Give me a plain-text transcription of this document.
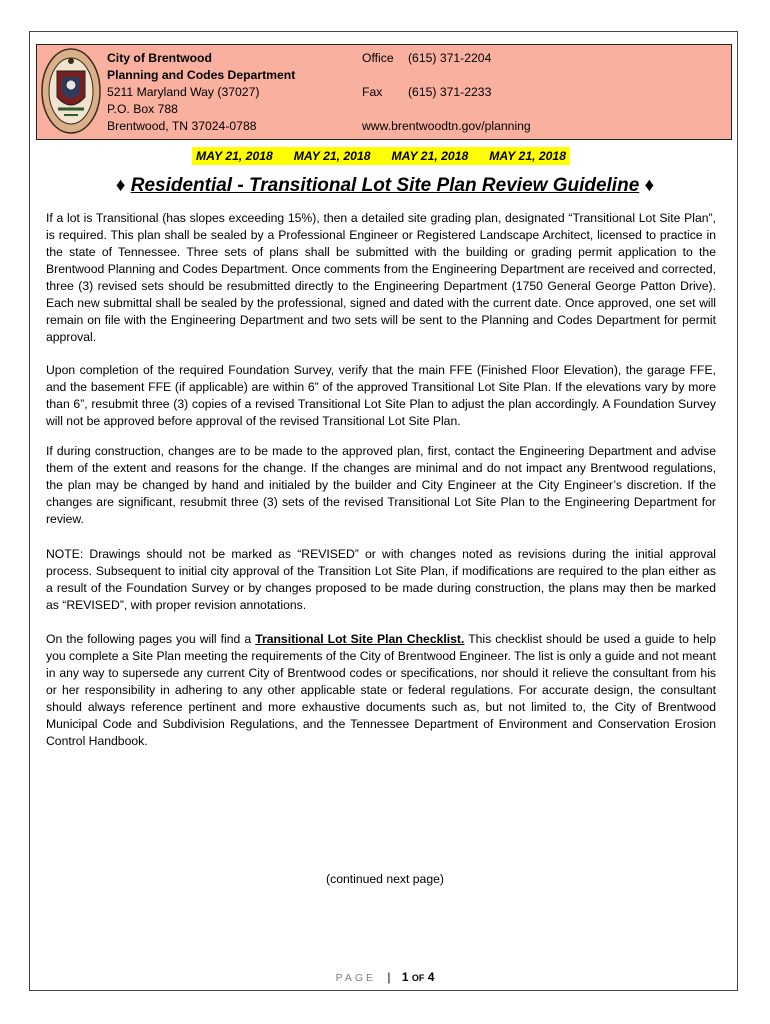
City of Brentwood
Planning and Codes Department
5211 Maryland Way (37027)
P.O. Box 788
Brentwood, TN 37024-0788
Office (615) 371-2204
Fax (615) 371-2233
www.brentwoodtn.gov/planning
MAY 21, 2018 MAY 21, 2018 MAY 21, 2018 MAY 21, 2018
♦ Residential - Transitional Lot Site Plan Review Guideline ♦

If a lot is Transitional (has slopes exceeding 15%), then a detailed site grading plan, designated “Transitional Lot Site Plan”, is required. This plan shall be sealed by a Professional Engineer or Registered Landscape Architect, licensed to practice in the state of Tennessee. Three sets of plans shall be submitted with the building or grading permit application to the Brentwood Planning and Codes Department. Once comments from the Engineering Department are received and corrected, three (3) revised sets should be resubmitted directly to the Engineering Department (1750 General George Patton Drive). Each new submittal shall be sealed by the professional, signed and dated with the current date. Once approved, one set will remain on file with the Engineering Department and two sets will be sent to the Planning and Codes Department for permit approval.

Upon completion of the required Foundation Survey, verify that the main FFE (Finished Floor Elevation), the garage FFE, and the basement FFE (if applicable) are within 6” of the approved Transitional Lot Site Plan. If the elevations vary by more than 6”, resubmit three (3) copies of a revised Transitional Lot Site Plan to adjust the plan accordingly. A Foundation Survey will not be approved before approval of the revised Transitional Lot Site Plan.

If during construction, changes are to be made to the approved plan, first, contact the Engineering Department and advise them of the extent and reasons for the change. If the changes are minimal and do not impact any Brentwood regulations, the plan may be changed by hand and initialed by the builder and City Engineer at the City Engineer’s discretion. If the changes are significant, resubmit three (3) sets of the revised Transitional Lot Site Plan to the Engineering Department for review.

NOTE: Drawings should not be marked as “REVISED” or with changes noted as revisions during the initial approval process. Subsequent to initial city approval of the Transition Lot Site Plan, if modifications are required to the plan either as a result of the Foundation Survey or by changes proposed to be made during construction, the plans may then be marked as “REVISED”, with proper revision annotations.

On the following pages you will find a Transitional Lot Site Plan Checklist. This checklist should be used a guide to help you complete a Site Plan meeting the requirements of the City of Brentwood Engineer. The list is only a guide and not meant in any way to supersede any current City of Brentwood codes or specifications, nor should it relieve the consultant from his or her responsibility in adhering to any other applicable state or federal regulations. For accurate design, the consultant should always reference pertinent and more exhaustive documents such as, but not limited to, the City of Brentwood Municipal Code and Subdivision Regulations, and the Tennessee Department of Environment and Conservation Erosion Control Handbook.

(continued next page)
PAGE | 1 OF 4
